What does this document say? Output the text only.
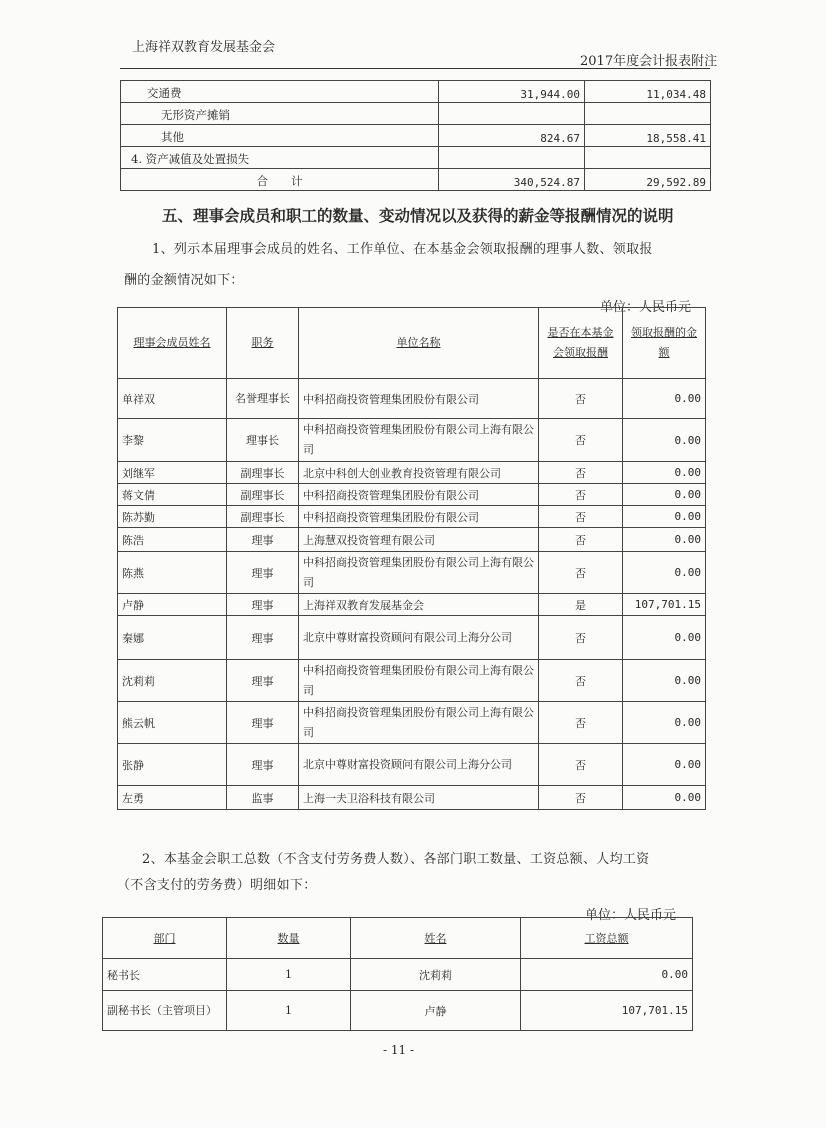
上海祥双教育发展基金会
2017年度会计报表附注
交通费	31,944.00	11,034.48
无形资产摊销		
其他	824.67	18,558.41
4. 资产减值及处置损失		
合　　计	340,524.87	29,592.89
五、理事会成员和职工的数量、变动情况以及获得的薪金等报酬情况的说明
1、列示本届理事会成员的姓名、工作单位、在本基金会领取报酬的理事人数、领取报
酬的金额情况如下：
单位：人民币元
理事会成员姓名	职务	单位名称	是否在本基金会领取报酬	领取报酬的金额
单祥双	名誉理事长	中科招商投资管理集团股份有限公司	否	0.00
李黎	理事长	中科招商投资管理集团股份有限公司上海有限公司	否	0.00
刘继军	副理事长	北京中科创大创业教育投资管理有限公司	否	0.00
蒋文倩	副理事长	中科招商投资管理集团股份有限公司	否	0.00
陈苏勤	副理事长	中科招商投资管理集团股份有限公司	否	0.00
陈浩	理事	上海慧双投资管理有限公司	否	0.00
陈燕	理事	中科招商投资管理集团股份有限公司上海有限公司	否	0.00
卢静	理事	上海祥双教育发展基金会	是	107,701.15
秦娜	理事	北京中尊财富投资顾问有限公司上海分公司	否	0.00
沈莉莉	理事	中科招商投资管理集团股份有限公司上海有限公司	否	0.00
熊云帆	理事	中科招商投资管理集团股份有限公司上海有限公司	否	0.00
张静	理事	北京中尊财富投资顾问有限公司上海分公司	否	0.00
左勇	监事	上海一夫卫浴科技有限公司	否	0.00
2、本基金会职工总数（不含支付劳务费人数）、各部门职工数量、工资总额、人均工资
（不含支付的劳务费）明细如下：
单位：人民币元
部门	数量	姓名	工资总额
秘书长	1	沈莉莉	0.00
副秘书长（主管项目）	1	卢静	107,701.15
- 11 -
